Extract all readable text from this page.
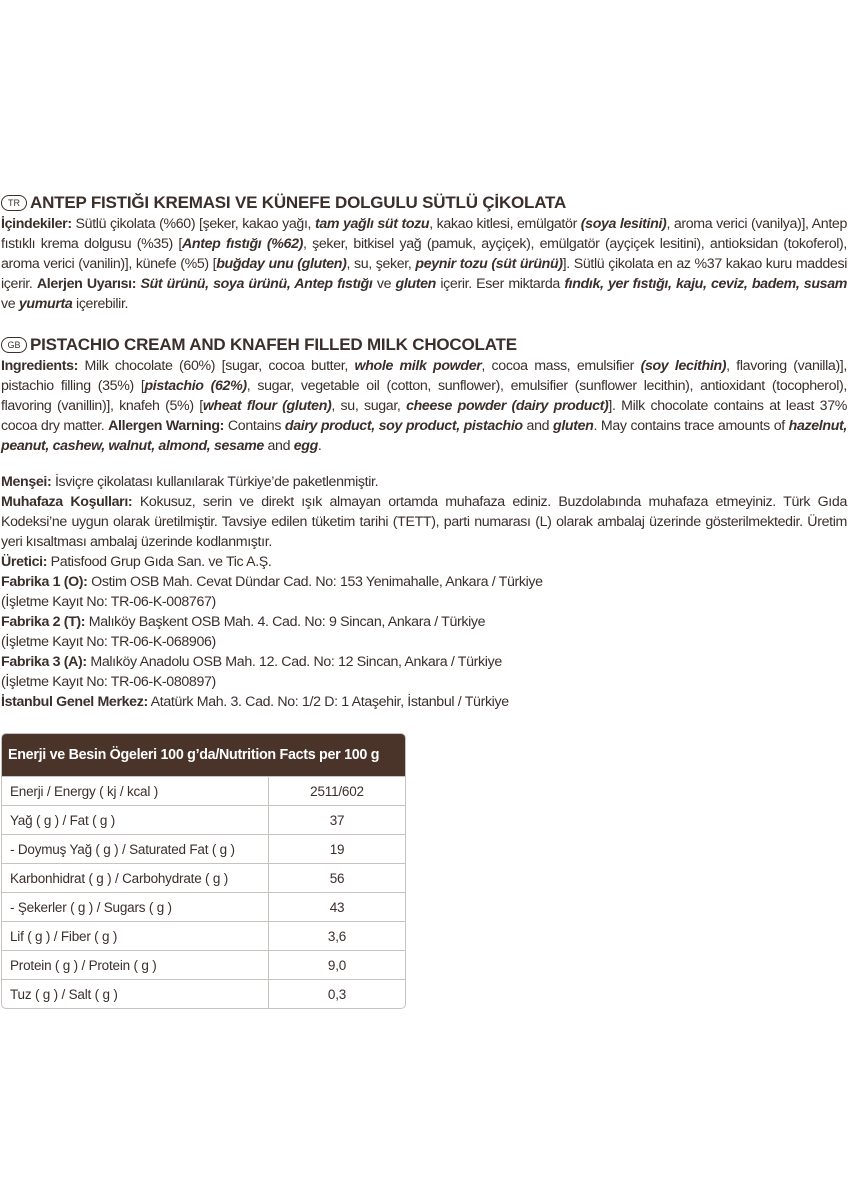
TR ANTEP FISTIĞI KREMASI VE KÜNEFE DOLGULU SÜTLÜ ÇİKOLATA

İçindekiler: Sütlü çikolata (%60) [şeker, kakao yağı, tam yağlı süt tozu, kakao kitlesi, emülgatör (soya lesitini), aroma verici (vanilya)], Antep fıstıklı krema dolgusu (%35) [Antep fıstığı (%62), şeker, bitkisel yağ (pamuk, ayçiçek), emülgatör (ayçiçek lesitini), antioksidan (tokoferol), aroma verici (vanilin)], künefe (%5) [buğday unu (gluten), su, şeker, peynir tozu (süt ürünü)]. Sütlü çikolata en az %37 kakao kuru maddesi içerir. Alerjen Uyarısı: Süt ürünü, soya ürünü, Antep fıstığı ve gluten içerir. Eser miktarda fındık, yer fıstığı, kaju, ceviz, badem, susam ve yumurta içerebilir.

GB PISTACHIO CREAM AND KNAFEH FILLED MILK CHOCOLATE

Ingredients: Milk chocolate (60%) [sugar, cocoa butter, whole milk powder, cocoa mass, emulsifier (soy lecithin), flavoring (vanilla)], pistachio filling (35%) [pistachio (62%), sugar, vegetable oil (cotton, sunflower), emulsifier (sunflower lecithin), antioxidant (tocopherol), flavoring (vanillin)], knafeh (5%) [wheat flour (gluten), su, sugar, cheese powder (dairy product)]. Milk chocolate contains at least 37% cocoa dry matter. Allergen Warning: Contains dairy product, soy product, pistachio and gluten. May contains trace amounts of hazelnut, peanut, cashew, walnut, almond, sesame and egg.

Menşei: İsviçre çikolatası kullanılarak Türkiye’de paketlenmiştir.

Muhafaza Koşulları: Kokusuz, serin ve direkt ışık almayan ortamda muhafaza ediniz. Buzdolabında muhafaza etmeyiniz. Türk Gıda Kodeksi’ne uygun olarak üretilmiştir. Tavsiye edilen tüketim tarihi (TETT), parti numarası (L) olarak ambalaj üzerinde gösterilmektedir. Üretim yeri kısaltması ambalaj üzerinde kodlanmıştır.

Üretici: Patisfood Grup Gıda San. ve Tic A.Ş.
Fabrika 1 (O): Ostim OSB Mah. Cevat Dündar Cad. No: 153 Yenimahalle, Ankara / Türkiye
(İşletme Kayıt No: TR-06-K-008767)
Fabrika 2 (T): Malıköy Başkent OSB Mah. 4. Cad. No: 9 Sincan, Ankara / Türkiye
(İşletme Kayıt No: TR-06-K-068906)
Fabrika 3 (A): Malıköy Anadolu OSB Mah. 12. Cad. No: 12 Sincan, Ankara / Türkiye
(İşletme Kayıt No: TR-06-K-080897)
İstanbul Genel Merkez: Atatürk Mah. 3. Cad. No: 1/2 D: 1 Ataşehir, İstanbul / Türkiye
Enerji ve Besin Ögeleri 100 g’da/Nutrition Facts per 100 g	
Enerji / Energy ( kj / kcal )	2511/602
Yağ ( g ) / Fat ( g )	37
- Doymuş Yağ ( g ) / Saturated Fat ( g )	19
Karbonhidrat ( g ) / Carbohydrate ( g )	56
- Şekerler ( g ) / Sugars ( g )	43
Lif ( g ) / Fiber ( g )	3,6
Protein ( g ) / Protein ( g )	9,0
Tuz ( g ) / Salt ( g )	0,3
